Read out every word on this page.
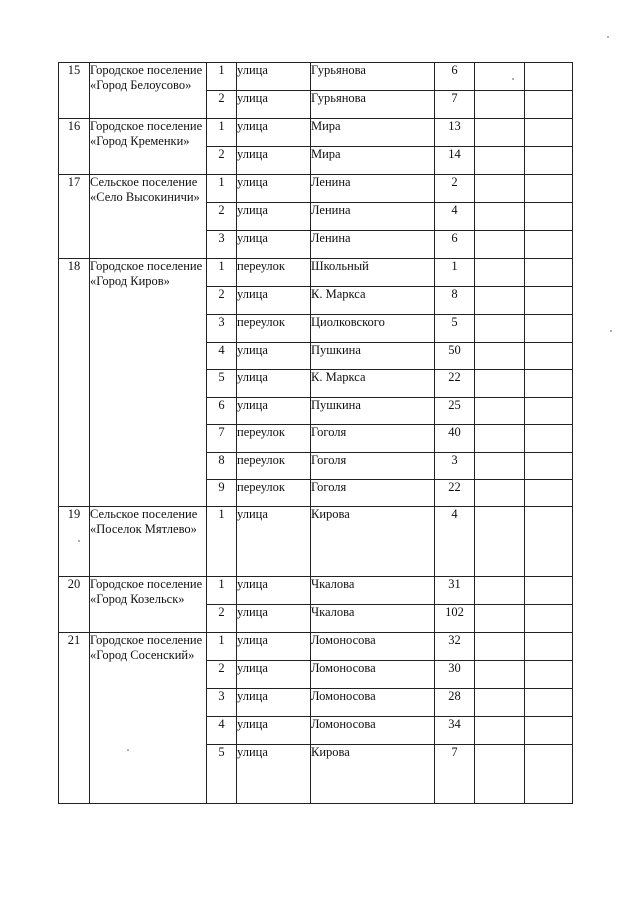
15	Городское поселение «Город Белоусово»	1	улица	Гурьянова	6		
		2	улица	Гурьянова	7		
16	Городское поселение «Город Кременки»	1	улица	Мира	13		
		2	улица	Мира	14		
17	Сельское поселение «Село Высокиничи»	1	улица	Ленина	2		
		2	улица	Ленина	4		
		3	улица	Ленина	6		
18	Городское поселение «Город Киров»	1	переулок	Школьный	1		
		2	улица	К. Маркса	8		
		3	переулок	Циолковского	5		
		4	улица	Пушкина	50		
		5	улица	К. Маркса	22		
		6	улица	Пушкина	25		
		7	переулок	Гоголя	40		
		8	переулок	Гоголя	3		
		9	переулок	Гоголя	22		
19	Сельское поселение «Поселок Мятлево»	1	улица	Кирова	4		
20	Городское поселение «Город Козельск»	1	улица	Чкалова	31		
		2	улица	Чкалова	102		
21	Городское поселение «Город Сосенский»	1	улица	Ломоносова	32		
		2	улица	Ломоносова	30		
		3	улица	Ломоносова	28		
		4	улица	Ломоносова	34		
		5	улица	Кирова	7		
